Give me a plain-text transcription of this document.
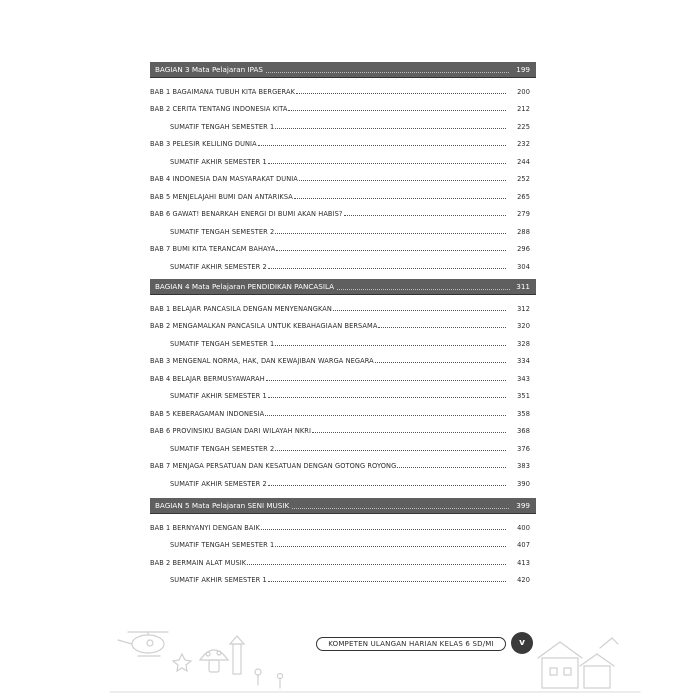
BAGIAN 3 Mata Pelajaran IPAS	199
BAB 1 BAGAIMANA TUBUH KITA BERGERAK	200
BAB 2 CERITA TENTANG INDONESIA KITA	212
SUMATIF TENGAH SEMESTER 1	225
BAB 3 PELESIR KELILING DUNIA	232
SUMATIF AKHIR SEMESTER 1	244
BAB 4 INDONESIA DAN MASYARAKAT DUNIA	252
BAB 5 MENJELAJAHI BUMI DAN ANTARIKSA	265
BAB 6 GAWAT! BENARKAH ENERGI DI BUMI AKAN HABIS?	279
SUMATIF TENGAH SEMESTER 2	288
BAB 7 BUMI KITA TERANCAM BAHAYA	296
SUMATIF AKHIR SEMESTER 2	304
BAGIAN 4 Mata Pelajaran PENDIDIKAN PANCASILA	311
BAB 1 BELAJAR PANCASILA DENGAN MENYENANGKAN	312
BAB 2 MENGAMALKAN PANCASILA UNTUK KEBAHAGIAAN BERSAMA	320
SUMATIF TENGAH SEMESTER 1	328
BAB 3 MENGENAL NORMA, HAK, DAN KEWAJIBAN WARGA NEGARA	334
BAB 4 BELAJAR BERMUSYAWARAH	343
SUMATIF AKHIR SEMESTER 1	351
BAB 5 KEBERAGAMAN INDONESIA	358
BAB 6 PROVINSIKU BAGIAN DARI WILAYAH NKRI	368
SUMATIF TENGAH SEMESTER 2	376
BAB 7 MENJAGA PERSATUAN DAN KESATUAN DENGAN GOTONG ROYONG	383
SUMATIF AKHIR SEMESTER 2	390
BAGIAN 5 Mata Pelajaran SENI MUSIK	399
BAB 1 BERNYANYI DENGAN BAIK	400
SUMATIF TENGAH SEMESTER 1	407
BAB 2 BERMAIN ALAT MUSIK	413
SUMATIF AKHIR SEMESTER 1	420
KOMPETEN ULANGAN HARIAN KELAS 6 SD/MI	v
